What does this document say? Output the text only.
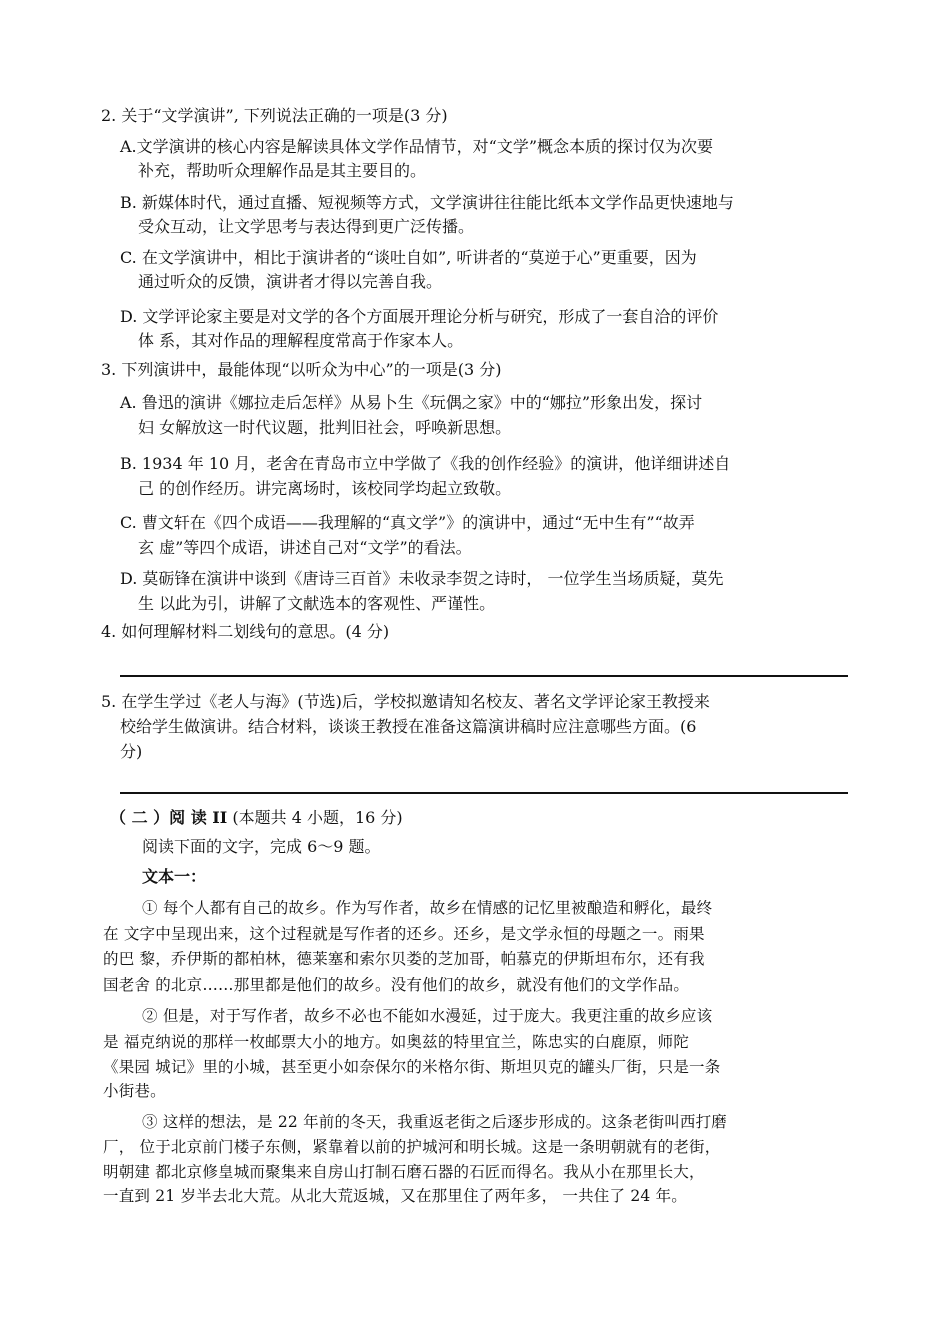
2. 关于“文学演讲”, 下列说法正确的一项是(3 分)
A.文学演讲的核心内容是解读具体文学作品情节，对“文学”概念本质的探讨仅为次要
补充，帮助听众理解作品是其主要目的。
B. 新媒体时代，通过直播、短视频等方式，文学演讲往往能比纸本文学作品更快速地与
受众互动，让文学思考与表达得到更广泛传播。
C. 在文学演讲中，相比于演讲者的“谈吐自如”, 听讲者的“莫逆于心”更重要，因为
通过听众的反馈，演讲者才得以完善自我。
D. 文学评论家主要是对文学的各个方面展开理论分析与研究，形成了一套自洽的评价
体 系，其对作品的理解程度常高于作家本人。
3. 下列演讲中，最能体现“以听众为中心”的一项是(3 分)
A. 鲁迅的演讲《娜拉走后怎样》从易卜生《玩偶之家》中的“娜拉”形象出发，探讨
妇 女解放这一时代议题，批判旧社会，呼唤新思想。
B. 1934 年 10 月，老舍在青岛市立中学做了《我的创作经验》的演讲，他详细讲述自
己 的创作经历。讲完离场时，该校同学均起立致敬。
C. 曹文轩在《四个成语——我理解的“真文学”》的演讲中，通过“无中生有”“故弄
玄 虚”等四个成语，讲述自己对“文学”的看法。
D. 莫砺锋在演讲中谈到《唐诗三百首》未收录李贺之诗时， 一位学生当场质疑，莫先
生 以此为引，讲解了文献选本的客观性、严谨性。
4. 如何理解材料二划线句的意思。(4 分)
5. 在学生学过《老人与海》(节选)后，学校拟邀请知名校友、著名文学评论家王教授来
校给学生做演讲。结合材料，谈谈王教授在准备这篇演讲稿时应注意哪些方面。(6
分)
（ 二 ）阅 读 II (本题共 4 小题，16 分)
阅读下面的文字，完成 6～9 题。
文本一：
① 每个人都有自己的故乡。作为写作者，故乡在情感的记忆里被酿造和孵化，最终
在 文字中呈现出来，这个过程就是写作者的还乡。还乡，是文学永恒的母题之一。雨果
的巴 黎，乔伊斯的都柏林，德莱塞和索尔贝娄的芝加哥，帕慕克的伊斯坦布尔，还有我
国老舍 的北京……那里都是他们的故乡。没有他们的故乡，就没有他们的文学作品。
② 但是，对于写作者，故乡不必也不能如水漫延，过于庞大。我更注重的故乡应该
是 福克纳说的那样一枚邮票大小的地方。如奥兹的特里宜兰，陈忠实的白鹿原，师陀
《果园 城记》里的小城，甚至更小如奈保尔的米格尔街、斯坦贝克的罐头厂街，只是一条
小街巷。
③ 这样的想法，是 22 年前的冬天，我重返老街之后逐步形成的。这条老街叫西打磨
厂， 位于北京前门楼子东侧，紧靠着以前的护城河和明长城。这是一条明朝就有的老街，
明朝建 都北京修皇城而聚集来自房山打制石磨石器的石匠而得名。我从小在那里长大，
一直到 21 岁半去北大荒。从北大荒返城，又在那里住了两年多， 一共住了 24 年。
